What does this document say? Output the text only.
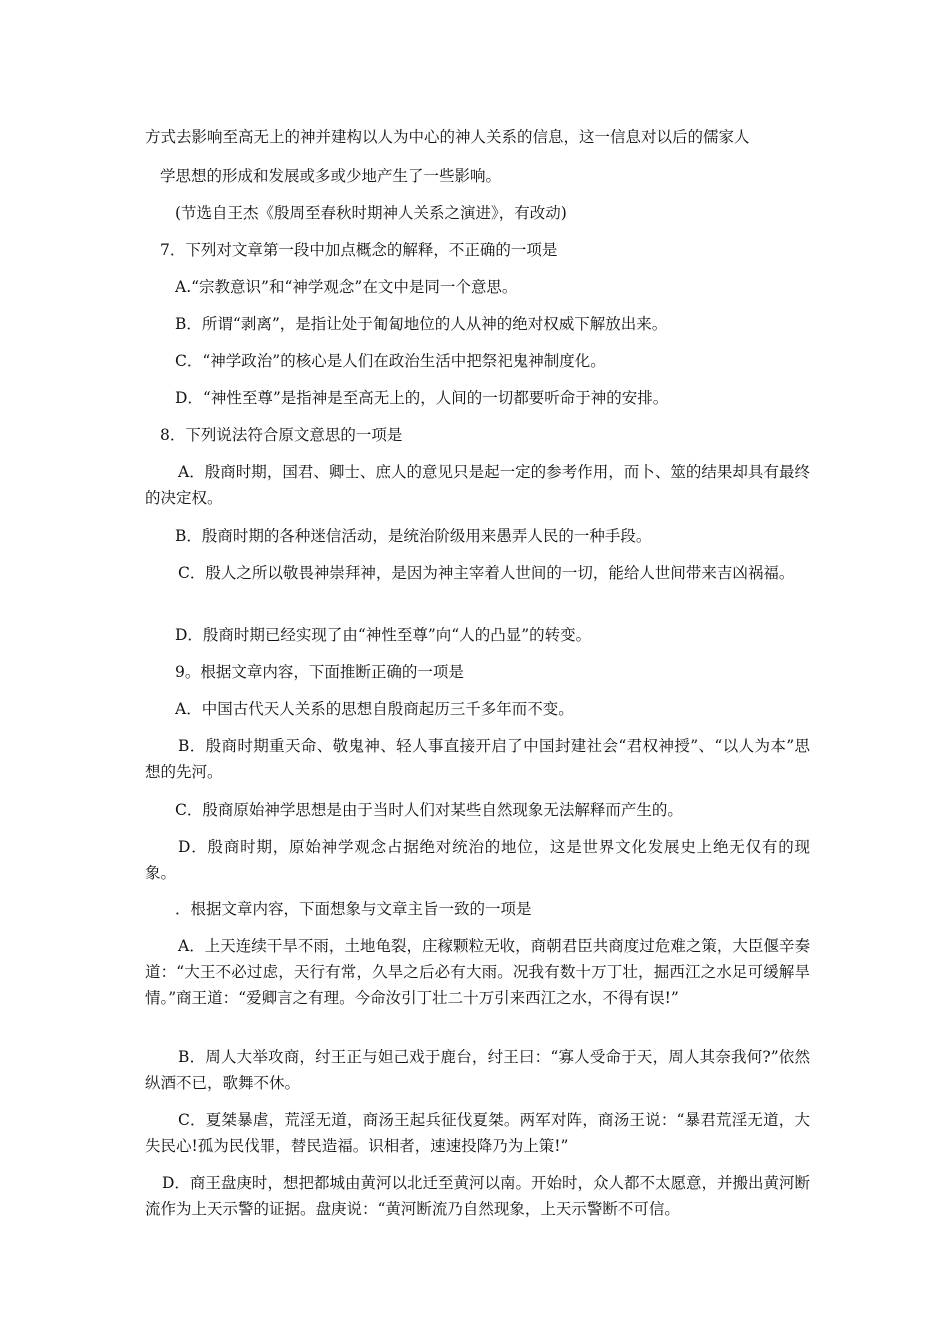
方式去影响至高无上的神并建构以人为中心的神人关系的信息，这一信息对以后的儒家人
学思想的形成和发展或多或少地产生了一些影响。
(节选自王杰《殷周至春秋时期神人关系之演进》，有改动)
7．下列对文章第一段中加点概念的解释，不正确的一项是
A.“宗教意识”和“神学观念”在文中是同一个意思。
B．所谓“剥离”，是指让处于匍匐地位的人从神的绝对权威下解放出来。
C．“神学政治”的核心是人们在政治生活中把祭祀鬼神制度化。
D．“神性至尊”是指神是至高无上的，人间的一切都要听命于神的安排。
8．下列说法符合原文意思的一项是
A．殷商时期，国君、卿士、庶人的意见只是起一定的参考作用，而卜、筮的结果却具有最终的决定权。
B．殷商时期的各种迷信活动，是统治阶级用来愚弄人民的一种手段。
C．殷人之所以敬畏神崇拜神，是因为神主宰着人世间的一切，能给人世间带来吉凶祸福。
D．殷商时期已经实现了由“神性至尊”向“人的凸显”的转变。
9。根据文章内容，下面推断正确的一项是
A．中国古代天人关系的思想自殷商起历三千多年而不变。
B．殷商时期重天命、敬鬼神、轻人事直接开启了中国封建社会“君权神授”、“以人为本”思想的先河。
C．殷商原始神学思想是由于当时人们对某些自然现象无法解释而产生的。
D．殷商时期，原始神学观念占据绝对统治的地位，这是世界文化发展史上绝无仅有的现象。
．根据文章内容，下面想象与文章主旨一致的一项是
A．上天连续干旱不雨，土地龟裂，庄稼颗粒无收，商朝君臣共商度过危难之策，大臣偃辛奏道：“大王不必过虑，天行有常，久旱之后必有大雨。况我有数十万丁壮，掘西江之水足可缓解旱情。”商王道：“爱卿言之有理。今命汝引丁壮二十万引来西江之水，不得有误!”
B．周人大举攻商，纣王正与妲己戏于鹿台，纣王曰：“寡人受命于天，周人其奈我何?”依然纵酒不已，歌舞不休。
C．夏桀暴虐，荒淫无道，商汤王起兵征伐夏桀。两军对阵，商汤王说：“暴君荒淫无道，大失民心!孤为民伐罪，替民造福。识相者，速速投降乃为上策!”
D．商王盘庚时，想把都城由黄河以北迁至黄河以南。开始时，众人都不太愿意，并搬出黄河断流作为上天示警的证据。盘庚说：“黄河断流乃自然现象，上天示警断不可信。
